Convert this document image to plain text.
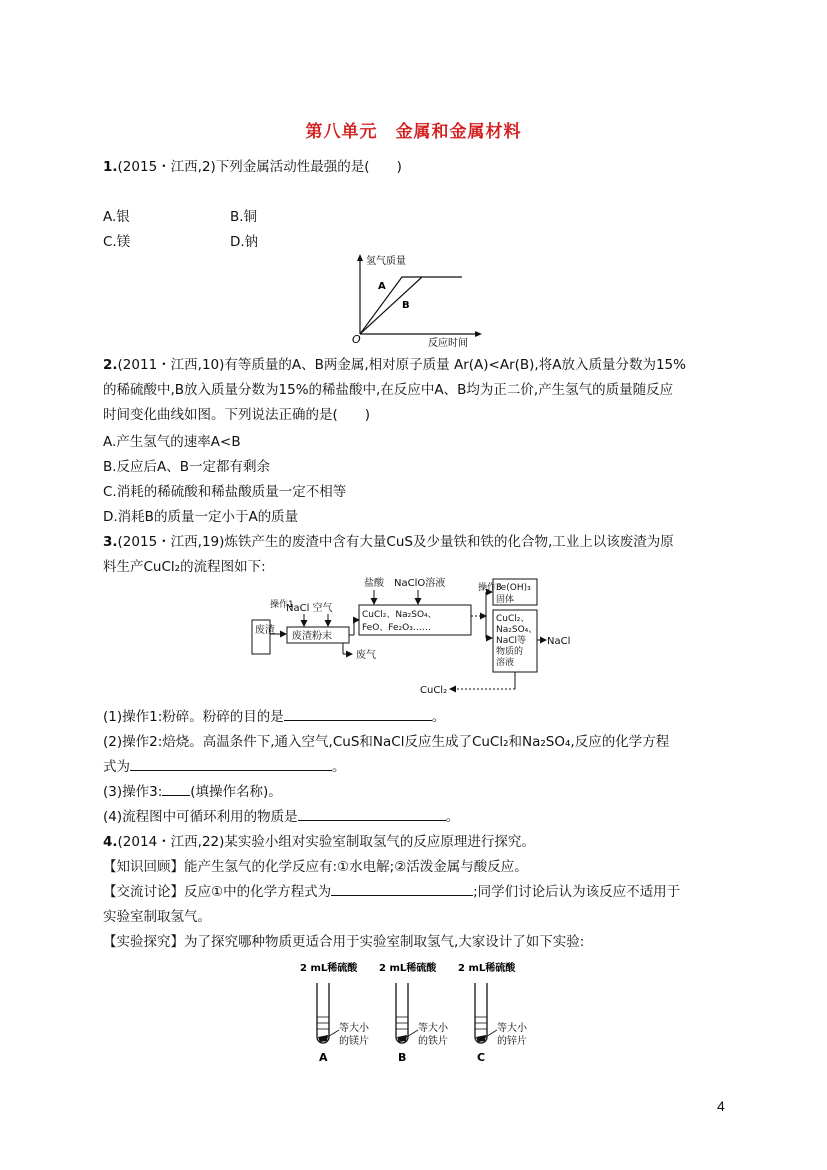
第八单元　金属和金属材料
1.(2015・江西,2)下列金属活动性最强的是(　　)
A.银	B.铜
C.镁	D.钠
氢气质量
反应时间
O
A
B
2.(2011・江西,10)有等质量的A、B两金属,相对原子质量 Ar(A)<Ar(B),将A放入质量分数为15%
的稀硫酸中,B放入质量分数为15%的稀盐酸中,在反应中A、B均为正二价,产生氢气的质量随反应
时间变化曲线如图。下列说法正确的是(　　)
A.产生氢气的速率A<B
B.反应后A、B一定都有剩余
C.消耗的稀硫酸和稀盐酸质量一定不相等
D.消耗B的质量一定小于A的质量
3.(2015・江西,19)炼铁产生的废渣中含有大量CuS及少量铁和铁的化合物,工业上以该废渣为原
料生产CuCl₂的流程图如下:
废渣
操作1
NaCl 空气
废渣粉末
废气
盐酸 NaClO溶液
CuCl₂、Na₂SO₄、
FeO、Fe₂O₃……
操作3
Fe(OH)₃
固体
CuCl₂、
Na₂SO₄、
NaCl等
物质的
溶液
NaCl
CuCl₂
(1)操作1:粉碎。粉碎的目的是	。
(2)操作2:焙烧。高温条件下,通入空气,CuS和NaCl反应生成了CuCl₂和Na₂SO₄,反应的化学方程
式为	。
(3)操作3: (填操作名称)。
(4)流程图中可循环利用的物质是	。
4.(2014・江西,22)某实验小组对实验室制取氢气的反应原理进行探究。
【知识回顾】能产生氢气的化学反应有:①水电解;②活泼金属与酸反应。
【交流讨论】反应①中的化学方程式为	;同学们讨论后认为该反应不适用于
实验室制取氢气。
【实验探究】为了探究哪种物质更适合用于实验室制取氢气,大家设计了如下实验:
2 mL稀硫酸
等大小
的镁片
A
2 mL稀硫酸
等大小
的铁片
B
2 mL稀硫酸
等大小
的锌片
C
4
